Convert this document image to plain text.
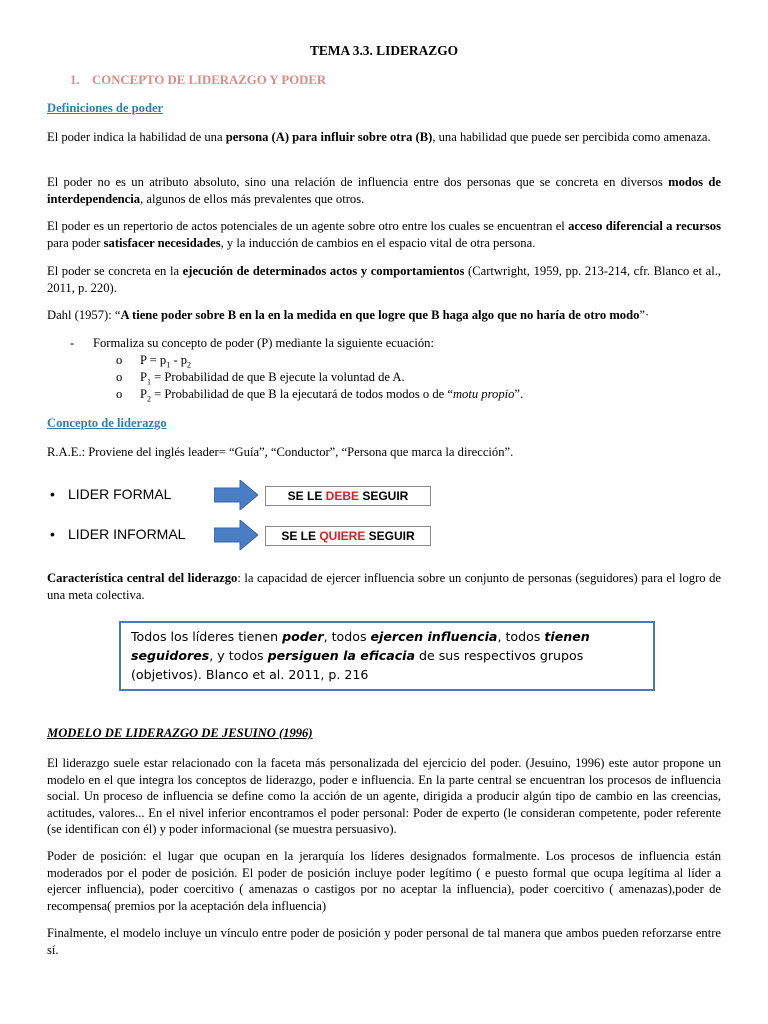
TEMA 3.3. LIDERAZGO

1. CONCEPTO DE LIDERAZGO Y PODER

Definiciones de poder

El poder indica la habilidad de una persona (A) para influir sobre otra (B), una habilidad que puede ser percibida como amenaza.

El poder no es un atributo absoluto, sino una relación de influencia entre dos personas que se concreta en diversos modos de interdependencia, algunos de ellos más prevalentes que otros.

El poder es un repertorio de actos potenciales de un agente sobre otro entre los cuales se encuentran el acceso diferencial a recursos para poder satisfacer necesidades, y la inducción de cambios en el espacio vital de otra persona.

El poder se concreta en la ejecución de determinados actos y comportamientos (Cartwright, 1959, pp. 213-214, cfr. Blanco et al., 2011, p. 220).

Dahl (1957): “A tiene poder sobre B en la en la medida en que logre que B haga algo que no haría de otro modo”·

- Formaliza su concepto de poder (P) mediante la siguiente ecuación:
o $P = p_1 - p_2$
o $P_1$ = Probabilidad de que B ejecute la voluntad de A.
o $P_2$ = Probabilidad de que B la ejecutará de todos modos o de “motu propio”.

Concepto de liderazgo

R.A.E.: Proviene del inglés leader= “Guía”, “Conductor”, “Persona que marca la dirección”.

• LIDER FORMAL	SE LE DEBE SEGUIR
• LIDER INFORMAL	SE LE QUIERE SEGUIR

Característica central del liderazgo: la capacidad de ejercer influencia sobre un conjunto de personas (seguidores) para el logro de una meta colectiva.

Todos los líderes tienen poder, todos ejercen influencia, todos tienen seguidores, y todos persiguen la eficacia de sus respectivos grupos (objetivos). Blanco et al. 2011, p. 216

MODELO DE LIDERAZGO DE JESUINO (1996)

El liderazgo suele estar relacionado con la faceta más personalizada del ejercicio del poder. (Jesuino, 1996) este autor propone un modelo en el que integra los conceptos de liderazgo, poder e influencia. En la parte central se encuentran los procesos de influencia social. Un proceso de influencia se define como la acción de un agente, dirigida a producir algún tipo de cambio en las creencias, actitudes, valores... En el nivel inferior encontramos el poder personal: Poder de experto (le consideran competente, poder referente (se identifican con él) y poder informacional (se muestra persuasivo).

Poder de posición: el lugar que ocupan en la jerarquía los líderes designados formalmente. Los procesos de influencia están moderados por el poder de posición. El poder de posición incluye poder legítimo ( e puesto formal que ocupa legítima al líder a ejercer influencia), poder coercitivo ( amenazas o castigos por no aceptar la influencia), poder coercitivo ( amenazas),poder de recompensa( premios por la aceptación dela influencia)

Finalmente, el modelo incluye un vínculo entre poder de posición y poder personal de tal manera que ambos pueden reforzarse entre sí.
